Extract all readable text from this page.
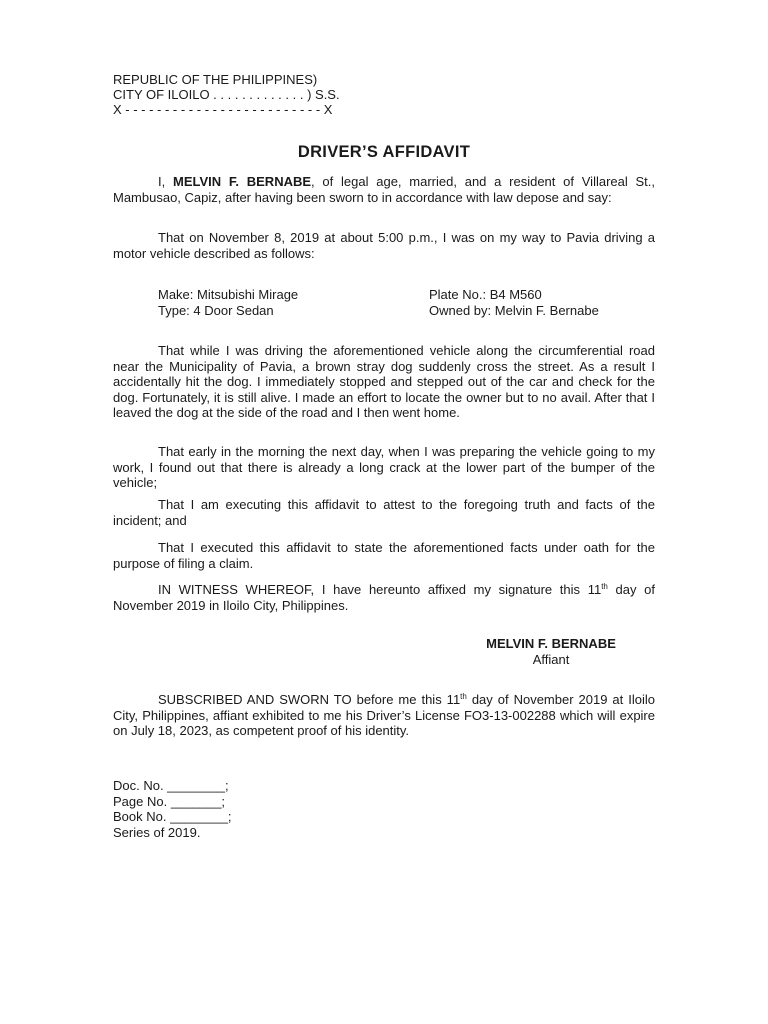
REPUBLIC OF THE PHILIPPINES)
CITY OF ILOILO . . . . . . . . . . . . . ) S.S.
X - - - - - - - - - - - - - - - - - - - - - - - - - X
DRIVER’S AFFIDAVIT

I, MELVIN F. BERNABE, of legal age, married, and a resident of Villareal St., Mambusao, Capiz, after having been sworn to in accordance with law depose and say:

That on November 8, 2019 at about 5:00 p.m., I was on my way to Pavia driving a motor vehicle described as follows:

Make: Mitsubishi Mirage	Plate No.: B4 M560
Type: 4 Door Sedan	Owned by: Melvin F. Bernabe

That while I was driving the aforementioned vehicle along the circumferential road near the Municipality of Pavia, a brown stray dog suddenly cross the street. As a result I accidentally hit the dog. I immediately stopped and stepped out of the car and check for the dog. Fortunately, it is still alive. I made an effort to locate the owner but to no avail. After that I leaved the dog at the side of the road and I then went home.

That early in the morning the next day, when I was preparing the vehicle going to my work, I found out that there is already a long crack at the lower part of the bumper of the vehicle;

That I am executing this affidavit to attest to the foregoing truth and facts of the incident; and

That I executed this affidavit to state the aforementioned facts under oath for the purpose of filing a claim.

IN WITNESS WHEREOF, I have hereunto affixed my signature this 11th day of November 2019 in Iloilo City, Philippines.

MELVIN F. BERNABE
Affiant

SUBSCRIBED AND SWORN TO before me this 11th day of November 2019 at Iloilo City, Philippines, affiant exhibited to me his Driver’s License FO3-13-002288 which will expire on July 18, 2023, as competent proof of his identity.

Doc. No. ________;
Page No. _______;
Book No. ________;
Series of 2019.
